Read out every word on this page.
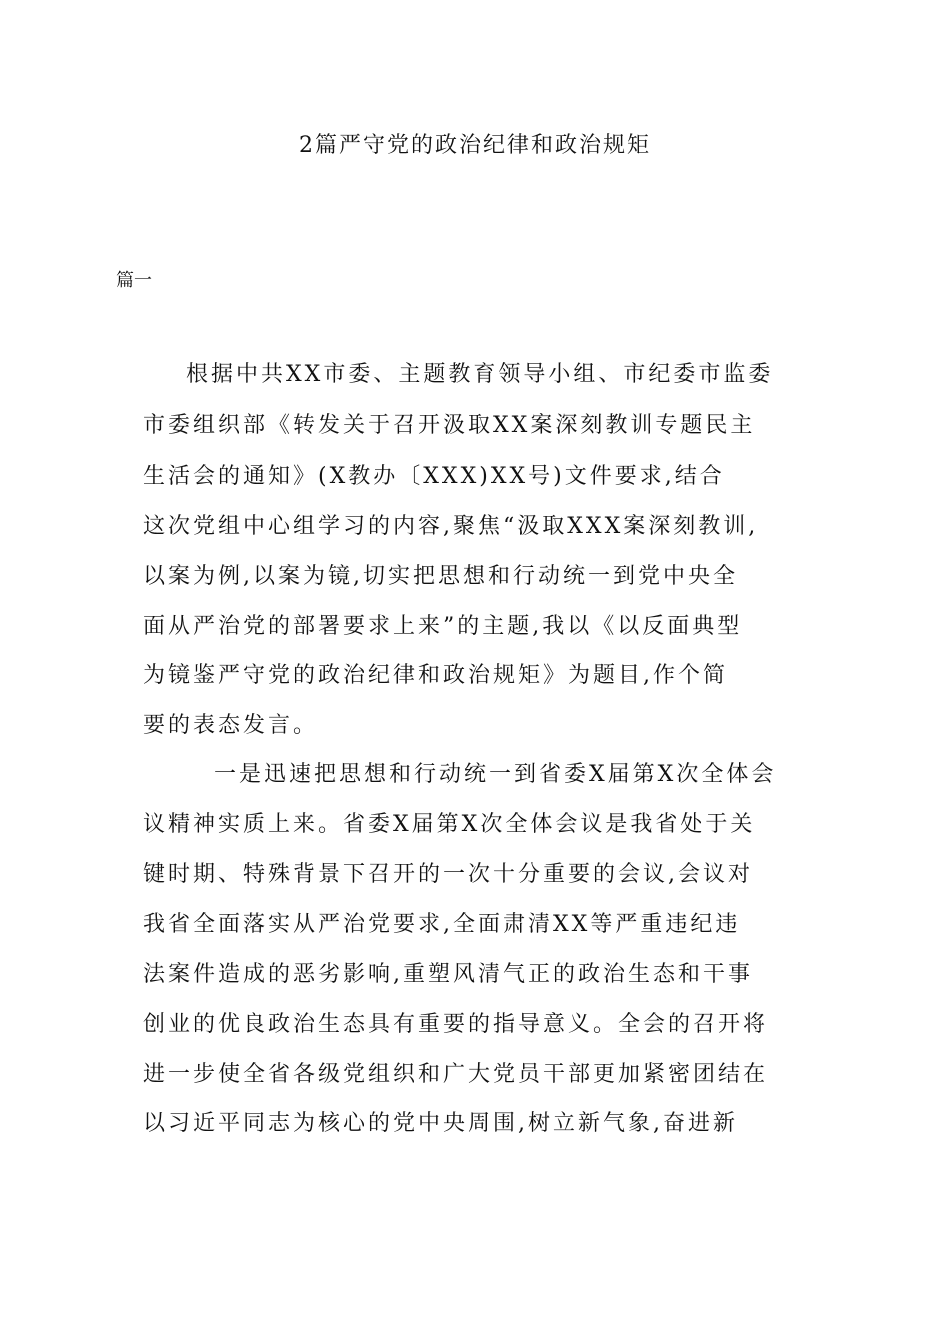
2篇严守党的政治纪律和政治规矩
篇一
根据中共XX市委、主题教育领导小组、市纪委市监委
市委组织部《转发关于召开汲取XX案深刻教训专题民主
生活会的通知》(X教办〔XXX)XX号)文件要求,结合
这次党组中心组学习的内容,聚焦“汲取XXX案深刻教训,
以案为例,以案为镜,切实把思想和行动统一到党中央全
面从严治党的部署要求上来”的主题,我以《以反面典型
为镜鉴严守党的政治纪律和政治规矩》为题目,作个简
要的表态发言。
一是迅速把思想和行动统一到省委X届第X次全体会
议精神实质上来。省委X届第X次全体会议是我省处于关
键时期、特殊背景下召开的一次十分重要的会议,会议对
我省全面落实从严治党要求,全面肃清XX等严重违纪违
法案件造成的恶劣影响,重塑风清气正的政治生态和干事
创业的优良政治生态具有重要的指导意义。全会的召开将
进一步使全省各级党组织和广大党员干部更加紧密团结在
以习近平同志为核心的党中央周围,树立新气象,奋进新
